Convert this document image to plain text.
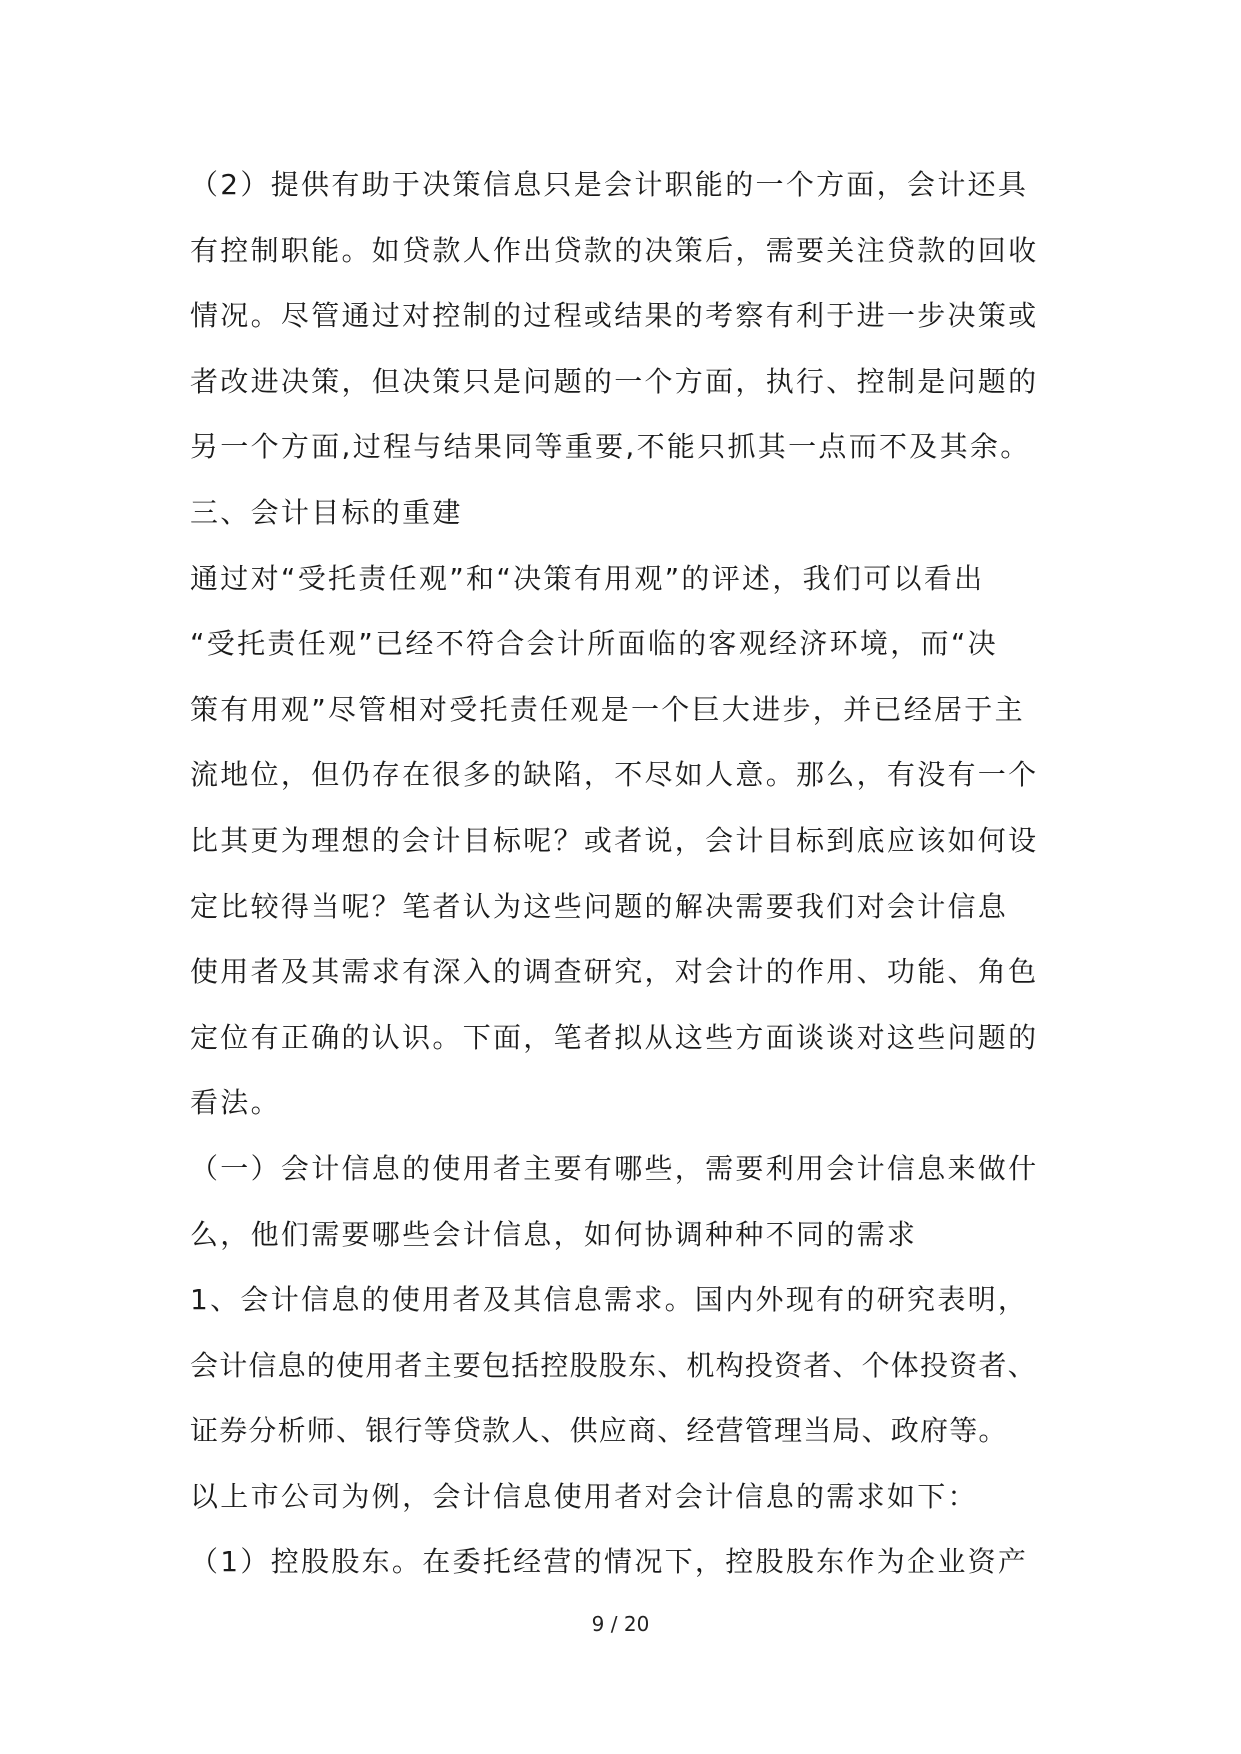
（2）提供有助于决策信息只是会计职能的一个方面，会计还具
有控制职能。如贷款人作出贷款的决策后，需要关注贷款的回收
情况。尽管通过对控制的过程或结果的考察有利于进一步决策或
者改进决策，但决策只是问题的一个方面，执行、控制是问题的
另一个方面,过程与结果同等重要,不能只抓其一点而不及其余。
三、会计目标的重建
通过对“受托责任观”和“决策有用观”的评述，我们可以看出
“受托责任观”已经不符合会计所面临的客观经济环境，而“决
策有用观”尽管相对受托责任观是一个巨大进步，并已经居于主
流地位，但仍存在很多的缺陷，不尽如人意。那么，有没有一个
比其更为理想的会计目标呢？或者说，会计目标到底应该如何设
定比较得当呢？笔者认为这些问题的解决需要我们对会计信息
使用者及其需求有深入的调查研究，对会计的作用、功能、角色
定位有正确的认识。下面，笔者拟从这些方面谈谈对这些问题的
看法。
（一）会计信息的使用者主要有哪些，需要利用会计信息来做什
么，他们需要哪些会计信息，如何协调种种不同的需求
1、会计信息的使用者及其信息需求。国内外现有的研究表明，
会计信息的使用者主要包括控股股东、机构投资者、个体投资者、
证券分析师、银行等贷款人、供应商、经营管理当局、政府等。
以上市公司为例，会计信息使用者对会计信息的需求如下：
（1）控股股东。在委托经营的情况下，控股股东作为企业资产
9 / 20
